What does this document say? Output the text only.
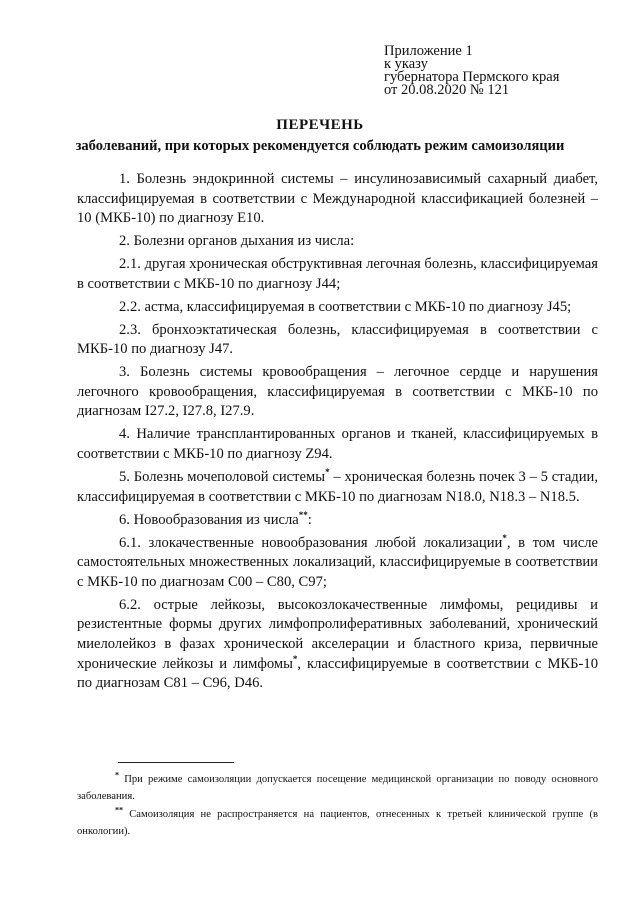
Приложение 1
к указу
губернатора Пермского края
от 20.08.2020 № 121
ПЕРЕЧЕНЬ
заболеваний, при которых рекомендуется соблюдать режим самоизоляции

1. Болезнь эндокринной системы – инсулинозависимый сахарный диабет, классифицируемая в соответствии с Международной классификацией болезней – 10 (МКБ-10) по диагнозу Е10.

2. Болезни органов дыхания из числа:

2.1. другая хроническая обструктивная легочная болезнь, классифицируемая в соответствии с МКБ-10 по диагнозу J44;

2.2. астма, классифицируемая в соответствии с МКБ-10 по диагнозу J45;

2.3. бронхоэктатическая болезнь, классифицируемая в соответствии с МКБ-10 по диагнозу J47.

3. Болезнь системы кровообращения – легочное сердце и нарушения легочного кровообращения, классифицируемая в соответствии с МКБ-10 по диагнозам I27.2, I27.8, I27.9.

4. Наличие трансплантированных органов и тканей, классифицируемых в соответствии с МКБ-10 по диагнозу Z94.

5. Болезнь мочеполовой системы* – хроническая болезнь почек 3 – 5 стадии, классифицируемая в соответствии с МКБ-10 по диагнозам N18.0, N18.3 – N18.5.

6. Новообразования из числа**:

6.1. злокачественные новообразования любой локализации*, в том числе самостоятельных множественных локализаций, классифицируемые в соответствии с МКБ-10 по диагнозам С00 – С80, С97;

6.2. острые лейкозы, высокозлокачественные лимфомы, рецидивы и резистентные формы других лимфопролиферативных заболеваний, хронический миелолейкоз в фазах хронической акселерации и бластного криза, первичные хронические лейкозы и лимфомы*, классифицируемые в соответствии с МКБ-10 по диагнозам С81 – С96, D46.

* При режиме самоизоляции допускается посещение медицинской организации по поводу основного заболевания.

** Самоизоляция не распространяется на пациентов, отнесенных к третьей клинической группе (в онкологии).
